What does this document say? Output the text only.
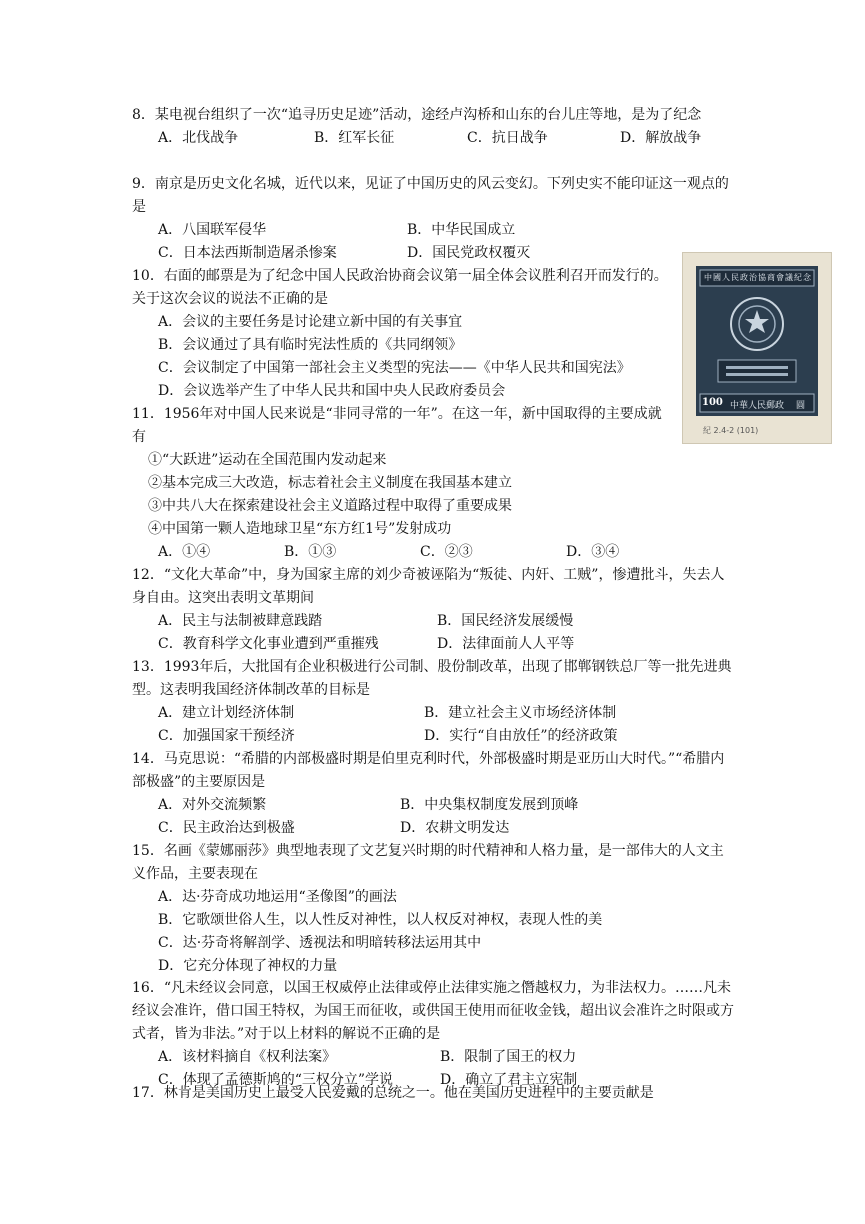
8．某电视台组织了一次“追寻历史足迹”活动，途经卢沟桥和山东的台儿庄等地，是为了纪念
A．北伐战争	B．红军长征	C．抗日战争	D．解放战争
9．南京是历史文化名城，近代以来，见证了中国历史的风云变幻。下列史实不能印证这一观点的是
A．八国联军侵华	B．中华民国成立
C．日本法西斯制造屠杀惨案	D．国民党政权覆灭
10．右面的邮票是为了纪念中国人民政治协商会议第一届全体会议胜利召开而发行的。关于这次会议的说法不正确的是
A．会议的主要任务是讨论建立新中国的有关事宜
B．会议通过了具有临时宪法性质的《共同纲领》
C．会议制定了中国第一部社会主义类型的宪法——《中华人民共和国宪法》
D．会议选举产生了中华人民共和国中央人民政府委员会
中國人民政治協商會議紀念
100 中華人民郵政 圓
紀 2.4-2 (101)
11．1956年对中国人民来说是“非同寻常的一年”。在这一年，新中国取得的主要成就有
①“大跃进”运动在全国范围内发动起来
②基本完成三大改造，标志着社会主义制度在我国基本建立
③中共八大在探索建设社会主义道路过程中取得了重要成果
④中国第一颗人造地球卫星“东方红1号”发射成功
A．①④	B．①③	C．②③	D．③④
12．“文化大革命”中，身为国家主席的刘少奇被诬陷为“叛徒、内奸、工贼”，惨遭批斗，失去人身自由。这突出表明文革期间
A．民主与法制被肆意践踏	B．国民经济发展缓慢
C．教育科学文化事业遭到严重摧残	D．法律面前人人平等
13．1993年后，大批国有企业积极进行公司制、股份制改革，出现了邯郸钢铁总厂等一批先进典型。这表明我国经济体制改革的目标是
A．建立计划经济体制	B．建立社会主义市场经济体制
C．加强国家干预经济	D．实行“自由放任”的经济政策
14．马克思说：“希腊的内部极盛时期是伯里克利时代，外部极盛时期是亚历山大时代。”“希腊内部极盛”的主要原因是
A．对外交流频繁	B．中央集权制度发展到顶峰
C．民主政治达到极盛	D．农耕文明发达
15．名画《蒙娜丽莎》典型地表现了文艺复兴时期的时代精神和人格力量，是一部伟大的人文主义作品，主要表现在
A．达·芬奇成功地运用“圣像图”的画法
B．它歌颂世俗人生，以人性反对神性，以人权反对神权，表现人性的美
C．达·芬奇将解剖学、透视法和明暗转移法运用其中
D．它充分体现了神权的力量
16．“凡未经议会同意，以国王权威停止法律或停止法律实施之僭越权力，为非法权力。……凡未经议会准许，借口国王特权，为国王而征收，或供国王使用而征收金钱，超出议会准许之时限或方式者，皆为非法。”对于以上材料的解说不正确的是
A．该材料摘自《权利法案》	B．限制了国王的权力
C．体现了孟德斯鸠的“三权分立”学说	D．确立了君主立宪制
17．林肯是美国历史上最受人民爱戴的总统之一。他在美国历史进程中的主要贡献是
